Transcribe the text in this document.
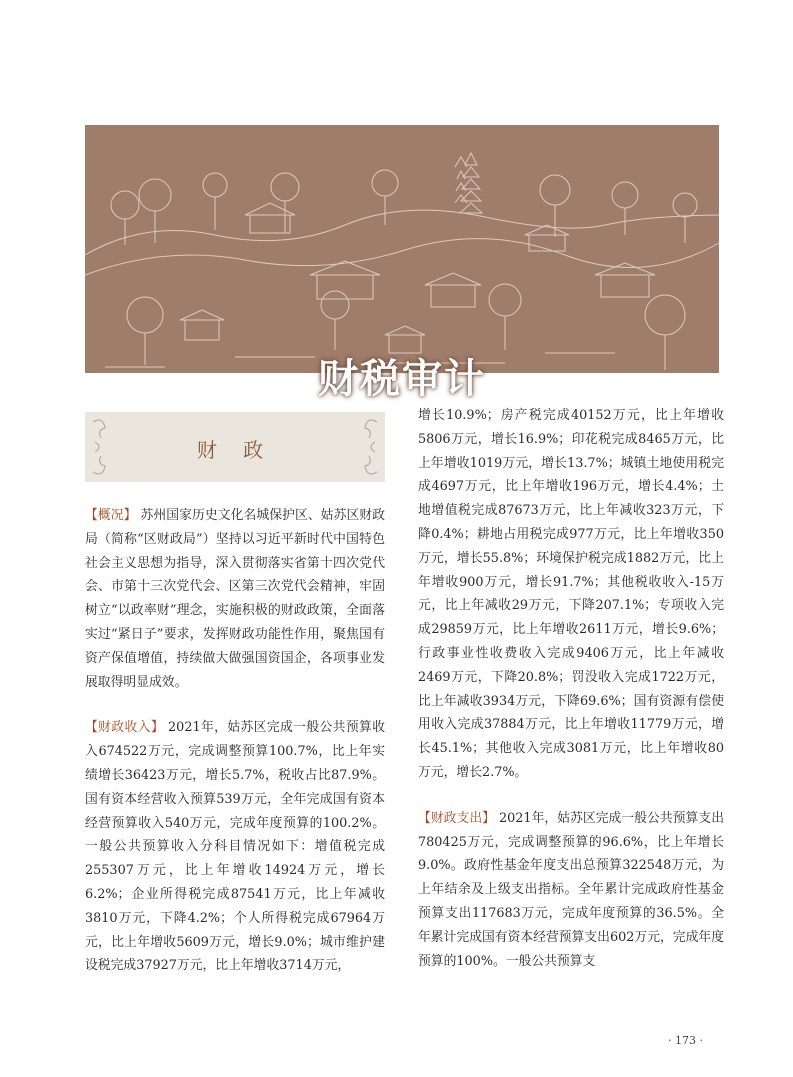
财税审计
财 政

【概况】 苏州国家历史文化名城保护区、姑苏区财政局（简称“区财政局”）坚持以习近平新时代中国特色社会主义思想为指导，深入贯彻落实省第十四次党代会、市第十三次党代会、区第三次党代会精神，牢固树立“以政率财”理念，实施积极的财政政策，全面落实过“紧日子”要求，发挥财政功能性作用，聚焦国有资产保值增值，持续做大做强国资国企，各项事业发展取得明显成效。

【财政收入】 2021年，姑苏区完成一般公共预算收入674522万元，完成调整预算100.7%，比上年实绩增长36423万元，增长5.7%，税收占比87.9%。国有资本经营收入预算539万元，全年完成国有资本经营预算收入540万元，完成年度预算的100.2%。一般公共预算收入分科目情况如下：增值税完成255307万元，比上年增收14924万元，增长6.2%；企业所得税完成87541万元，比上年减收3810万元，下降4.2%；个人所得税完成67964万元，比上年增收5609万元，增长9.0%；城市维护建设税完成37927万元，比上年增收3714万元，

增长10.9%；房产税完成40152万元，比上年增收5806万元，增长16.9%；印花税完成8465万元，比上年增收1019万元，增长13.7%；城镇土地使用税完成4697万元，比上年增收196万元，增长4.4%；土地增值税完成87673万元，比上年减收323万元，下降0.4%；耕地占用税完成977万元，比上年增收350万元，增长55.8%；环境保护税完成1882万元，比上年增收900万元，增长91.7%；其他税收收入-15万元，比上年减收29万元，下降207.1%；专项收入完成29859万元，比上年增收2611万元，增长9.6%；行政事业性收费收入完成9406万元，比上年减收2469万元，下降20.8%；罚没收入完成1722万元，比上年减收3934万元，下降69.6%；国有资源有偿使用收入完成37884万元，比上年增收11779万元，增长45.1%；其他收入完成3081万元，比上年增收80万元，增长2.7%。

【财政支出】 2021年，姑苏区完成一般公共预算支出780425万元，完成调整预算的96.6%，比上年增长9.0%。政府性基金年度支出总预算322548万元，为上年结余及上级支出指标。全年累计完成政府性基金预算支出117683万元，完成年度预算的36.5%。全年累计完成国有资本经营预算支出602万元，完成年度预算的100%。一般公共预算支

· 173 ·
